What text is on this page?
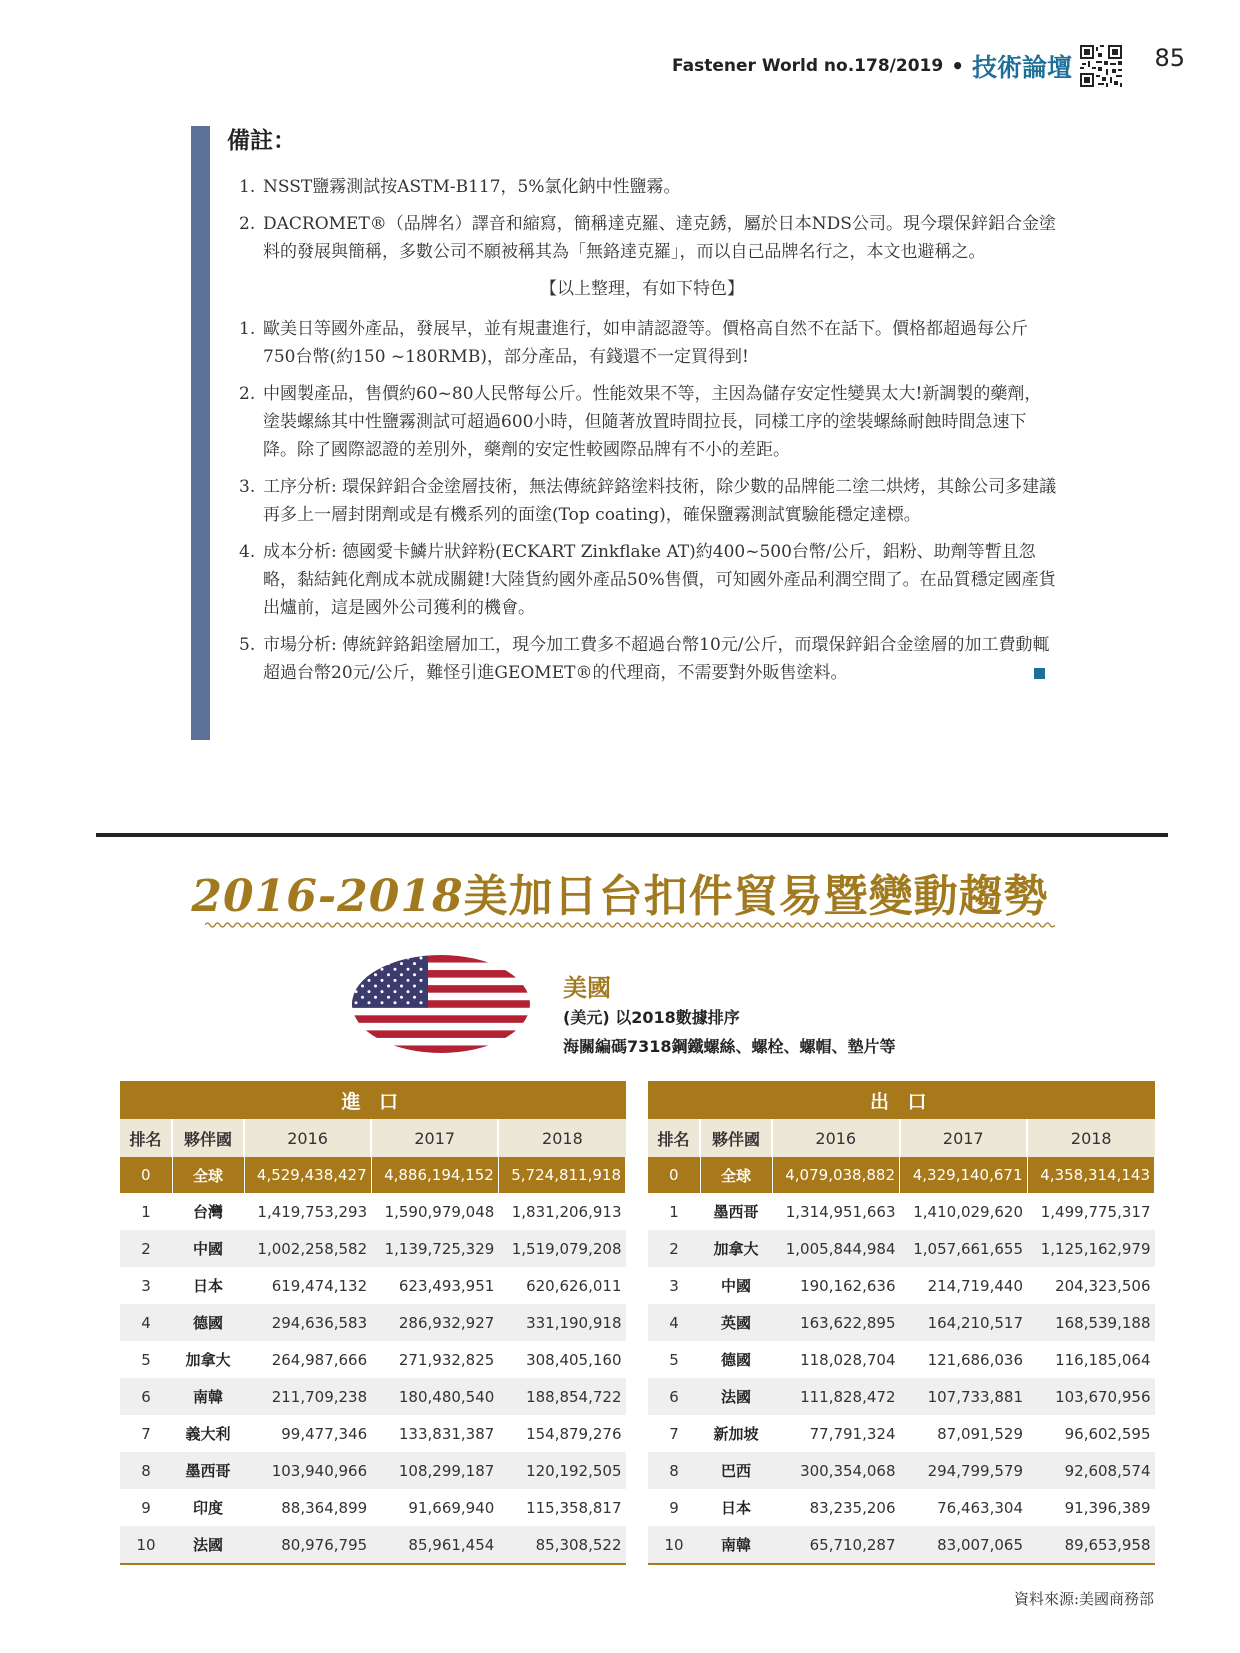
Fastener World no.178/2019 • 技術論壇	85
備註：
1. NSST鹽霧測試按ASTM-B117，5%氯化鈉中性鹽霧。
2. DACROMET®（品牌名）譯音和縮寫，簡稱達克羅、達克銹，屬於日本NDS公司。現今環保鋅鋁合金塗料的發展與簡稱，多數公司不願被稱其為「無鉻達克羅」，而以自己品牌名行之，本文也避稱之。
【以上整理，有如下特色】
1. 歐美日等國外產品，發展早，並有規畫進行，如申請認證等。價格高自然不在話下。價格都超過每公斤750台幣(約150 ~180RMB)，部分產品，有錢還不一定買得到!
2. 中國製產品，售價約60~80人民幣每公斤。性能效果不等，主因為儲存安定性變異太大!新調製的藥劑，塗裝螺絲其中性鹽霧測試可超過600小時，但隨著放置時間拉長，同樣工序的塗裝螺絲耐蝕時間急速下降。除了國際認證的差別外，藥劑的安定性較國際品牌有不小的差距。
3. 工序分析: 環保鋅鋁合金塗層技術，無法傳統鋅鉻塗料技術，除少數的品牌能二塗二烘烤，其餘公司多建議再多上一層封閉劑或是有機系列的面塗(Top coating)，確保鹽霧測試實驗能穩定達標。
4. 成本分析: 德國愛卡鱗片狀鋅粉(ECKART Zinkflake AT)約400~500台幣/公斤，鋁粉、助劑等暫且忽略，黏結鈍化劑成本就成關鍵!大陸貨約國外產品50%售價，可知國外產品利潤空間了。在品質穩定國產貨出爐前，這是國外公司獲利的機會。
5. 市場分析: 傳統鋅鉻鋁塗層加工，現今加工費多不超過台幣10元/公斤，而環保鋅鋁合金塗層的加工費動輒超過台幣20元/公斤，難怪引進GEOMET®的代理商，不需要對外販售塗料。
2016-2018美加日台扣件貿易暨變動趨勢
美國
(美元) 以2018數據排序
海關編碼7318鋼鐵螺絲、螺栓、螺帽、墊片等
進 口				
排名	夥伴國	2016	2017	2018
0	全球	4,529,438,427	4,886,194,152	5,724,811,918
1	台灣	1,419,753,293	1,590,979,048	1,831,206,913
2	中國	1,002,258,582	1,139,725,329	1,519,079,208
3	日本	619,474,132	623,493,951	620,626,011
4	德國	294,636,583	286,932,927	331,190,918
5	加拿大	264,987,666	271,932,825	308,405,160
6	南韓	211,709,238	180,480,540	188,854,722
7	義大利	99,477,346	133,831,387	154,879,276
8	墨西哥	103,940,966	108,299,187	120,192,505
9	印度	88,364,899	91,669,940	115,358,817
10	法國	80,976,795	85,961,454	85,308,522
出 口				
排名	夥伴國	2016	2017	2018
0	全球	4,079,038,882	4,329,140,671	4,358,314,143
1	墨西哥	1,314,951,663	1,410,029,620	1,499,775,317
2	加拿大	1,005,844,984	1,057,661,655	1,125,162,979
3	中國	190,162,636	214,719,440	204,323,506
4	英國	163,622,895	164,210,517	168,539,188
5	德國	118,028,704	121,686,036	116,185,064
6	法國	111,828,472	107,733,881	103,670,956
7	新加坡	77,791,324	87,091,529	96,602,595
8	巴西	300,354,068	294,799,579	92,608,574
9	日本	83,235,206	76,463,304	91,396,389
10	南韓	65,710,287	83,007,065	89,653,958
資料來源:美國商務部
